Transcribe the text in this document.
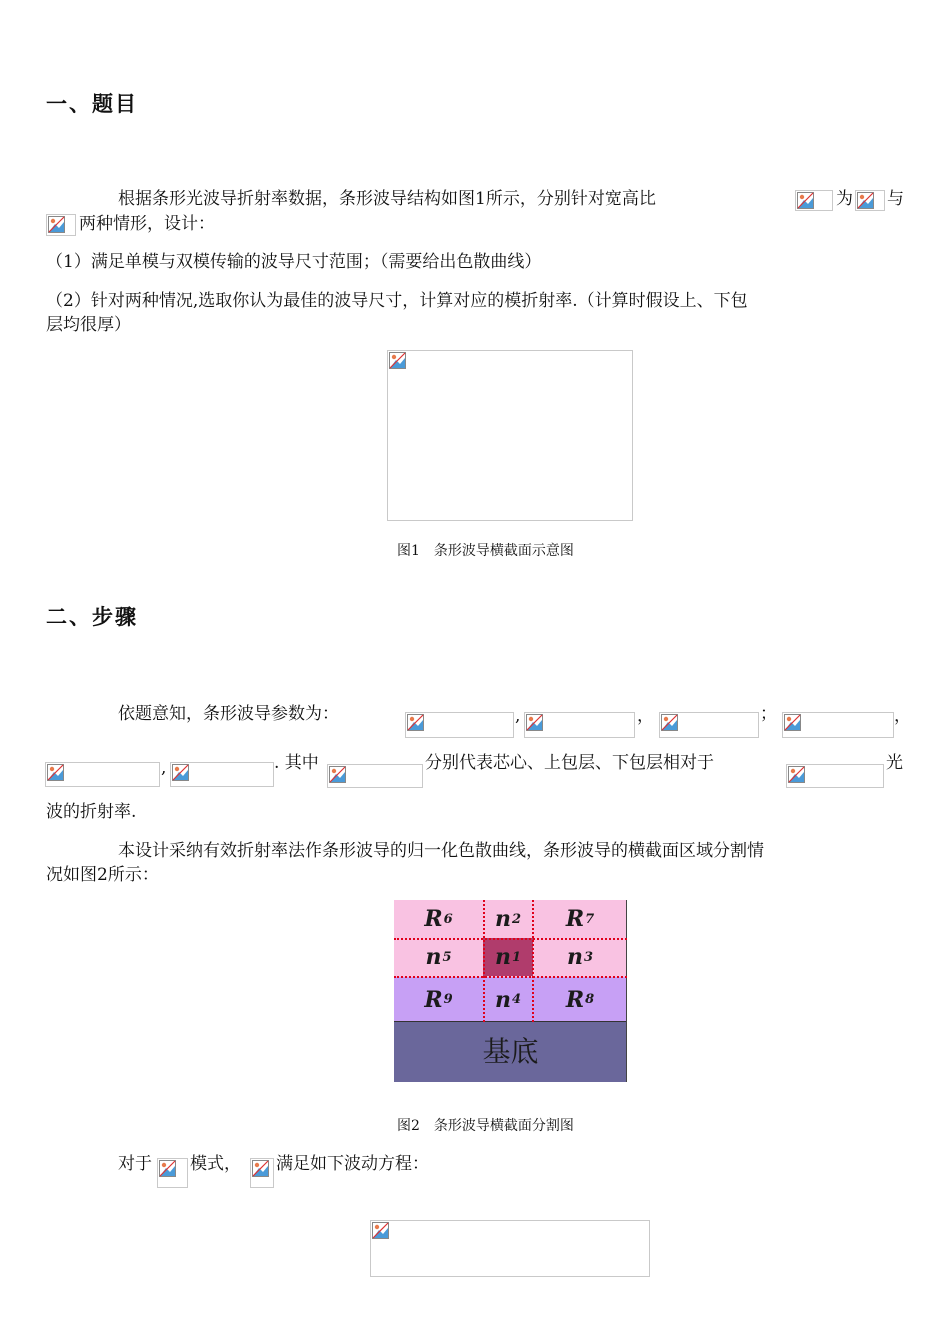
一、题目
根据条形光波导折射率数据，条形波导结构如图1所示，分别针对宽高比	为 与
两种情形，设计：
（1）满足单模与双模传输的波导尺寸范围；（需要给出色散曲线）
（2）针对两种情况,选取你认为最佳的波导尺寸，计算对应的模折射率.（计算时假设上、下包
层均很厚）
图1　条形波导横截面示意图
二、步骤
依题意知，条形波导参数为：	,	，	；	，
,	. 其中	分别代表芯心、上包层、下包层相对于	光
波的折射率.
本设计采纳有效折射率法作条形波导的归一化色散曲线，条形波导的横截面区域分割情
况如图2所示：
R 6 n 2 R 7
n 5 n 1 n 3
R 9 n 4 R 8
基底
图2　条形波导横截面分割图
对于 模式， 满足如下波动方程：
